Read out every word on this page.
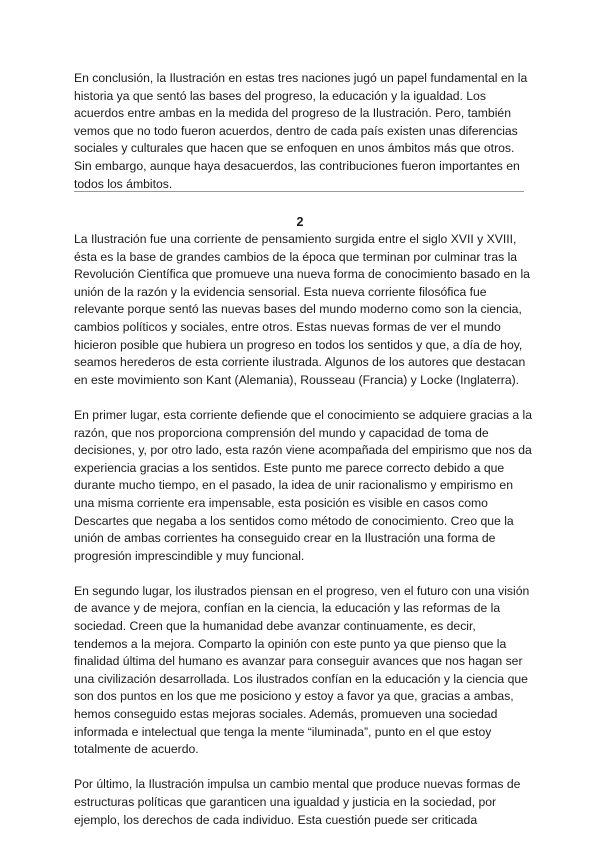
En conclusión, la Ilustración en estas tres naciones jugó un papel fundamental en la
historia ya que sentó las bases del progreso, la educación y la igualdad. Los
acuerdos entre ambas en la medida del progreso de la Ilustración. Pero, también
vemos que no todo fueron acuerdos, dentro de cada país existen unas diferencias
sociales y culturales que hacen que se enfoquen en unos ámbitos más que otros.
Sin embargo, aunque haya desacuerdos, las contribuciones fueron importantes en
todos los ámbitos.

2

La Ilustración fue una corriente de pensamiento surgida entre el siglo XVII y XVIII,
ésta es la base de grandes cambios de la época que terminan por culminar tras la
Revolución Científica que promueve una nueva forma de conocimiento basado en la
unión de la razón y la evidencia sensorial. Esta nueva corriente filosófica fue
relevante porque sentó las nuevas bases del mundo moderno como son la ciencia,
cambios políticos y sociales, entre otros. Estas nuevas formas de ver el mundo
hicieron posible que hubiera un progreso en todos los sentidos y que, a día de hoy,
seamos herederos de esta corriente ilustrada. Algunos de los autores que destacan
en este movimiento son Kant (Alemania), Rousseau (Francia) y Locke (Inglaterra).

En primer lugar, esta corriente defiende que el conocimiento se adquiere gracias a la
razón, que nos proporciona comprensión del mundo y capacidad de toma de
decisiones, y, por otro lado, esta razón viene acompañada del empirismo que nos da
experiencia gracias a los sentidos. Este punto me parece correcto debido a que
durante mucho tiempo, en el pasado, la idea de unir racionalismo y empirismo en
una misma corriente era impensable, esta posición es visible en casos como
Descartes que negaba a los sentidos como método de conocimiento. Creo que la
unión de ambas corrientes ha conseguido crear en la Ilustración una forma de
progresión imprescindible y muy funcional.

En segundo lugar, los ilustrados piensan en el progreso, ven el futuro con una visión
de avance y de mejora, confían en la ciencia, la educación y las reformas de la
sociedad. Creen que la humanidad debe avanzar continuamente, es decir,
tendemos a la mejora. Comparto la opinión con este punto ya que pienso que la
finalidad última del humano es avanzar para conseguir avances que nos hagan ser
una civilización desarrollada. Los ilustrados confían en la educación y la ciencia que
son dos puntos en los que me posiciono y estoy a favor ya que, gracias a ambas,
hemos conseguido estas mejoras sociales. Además, promueven una sociedad
informada e intelectual que tenga la mente “iluminada”, punto en el que estoy
totalmente de acuerdo.

Por último, la Ilustración impulsa un cambio mental que produce nuevas formas de
estructuras políticas que garanticen una igualdad y justicia en la sociedad, por
ejemplo, los derechos de cada individuo. Esta cuestión puede ser criticada
